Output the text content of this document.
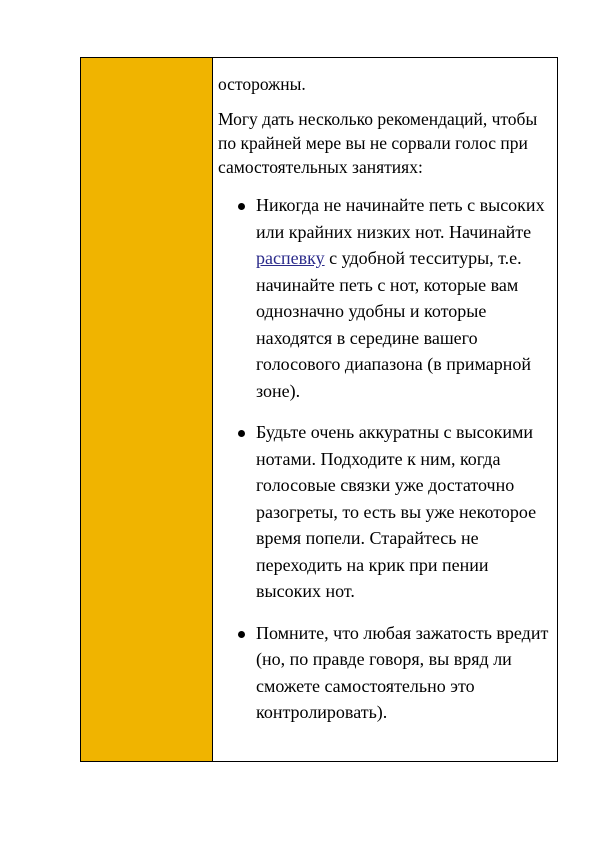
осторожны.

Могу дать несколько рекомендаций, чтобы по крайней мере вы не сорвали голос при самостоятельных занятиях:

Никогда не начинайте петь с высоких или крайних низких нот. Начинайте распевку с удобной тесситуры, т.е. начинайте петь с нот, которые вам однозначно удобны и которые находятся в середине вашего голосового диапазона (в примарной зоне).
Будьте очень аккуратны с высокими нотами. Подходите к ним, когда голосовые связки уже достаточно разогреты, то есть вы уже некоторое время попели. Старайтесь не переходить на крик при пении высоких нот.
Помните, что любая зажатость вредит (но, по правде говоря, вы вряд ли сможете самостоятельно это контролировать).
